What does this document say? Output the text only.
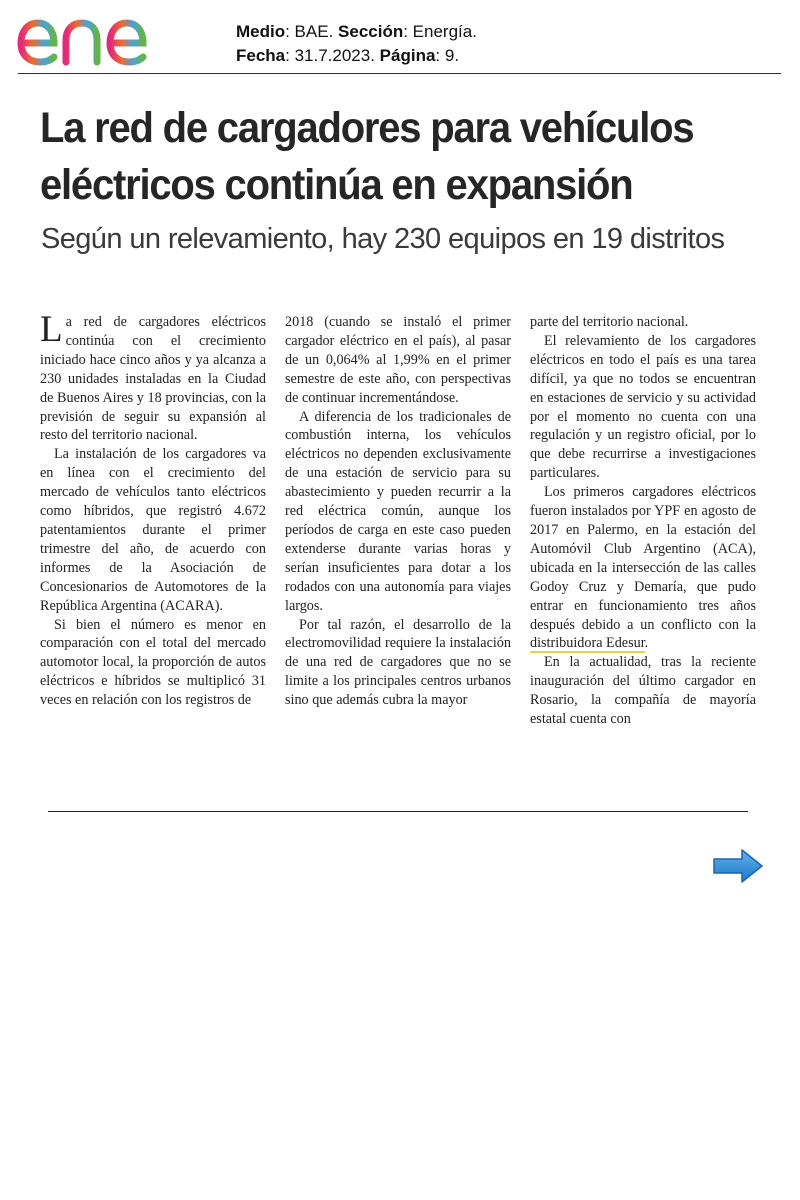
Medio: BAE. Sección: Energía.
Fecha: 31.7.2023. Página: 9.
La red de cargadores para vehículos eléctricos continúa en expansión
Según un relevamiento, hay 230 equipos en 19 distritos

La red de cargadores eléctricos continúa con el crecimiento iniciado hace cinco años y ya alcanza a 230 unidades instaladas en la Ciudad de Buenos Aires y 18 provincias, con la previsión de seguir su expansión al resto del territorio nacional.

La instalación de los cargadores va en línea con el crecimiento del mercado de vehículos tanto eléctricos como híbridos, que registró 4.672 patentamientos durante el primer trimestre del año, de acuerdo con informes de la Asociación de Concesionarios de Automotores de la República Argentina (ACARA).

Si bien el número es menor en comparación con el total del mercado automotor local, la proporción de autos eléctricos e híbridos se multiplicó 31 veces en relación con los registros de

2018 (cuando se instaló el primer cargador eléctrico en el país), al pasar de un 0,064% al 1,99% en el primer semestre de este año, con perspectivas de continuar incrementándose.

A diferencia de los tradicionales de combustión interna, los vehículos eléctricos no dependen exclusivamente de una estación de servicio para su abastecimiento y pueden recurrir a la red eléctrica común, aunque los períodos de carga en este caso pueden extenderse durante varias horas y serían insuficientes para dotar a los rodados con una autonomía para viajes largos.

Por tal razón, el desarrollo de la electromovilidad requiere la instalación de una red de cargadores que no se limite a los principales centros urbanos sino que además cubra la mayor

parte del territorio nacional.

El relevamiento de los cargadores eléctricos en todo el país es una tarea difícil, ya que no todos se encuentran en estaciones de servicio y su actividad por el momento no cuenta con una regulación y un registro oficial, por lo que debe recurrirse a investigaciones particulares.

Los primeros cargadores eléctricos fueron instalados por YPF en agosto de 2017 en Palermo, en la estación del Automóvil Club Argentino (ACA), ubicada en la intersección de las calles Godoy Cruz y Demaría, que pudo entrar en funcionamiento tres años después debido a un conflicto con la distribuidora Edesur.

En la actualidad, tras la reciente inauguración del último cargador en Rosario, la compañía de mayoría estatal cuenta con
